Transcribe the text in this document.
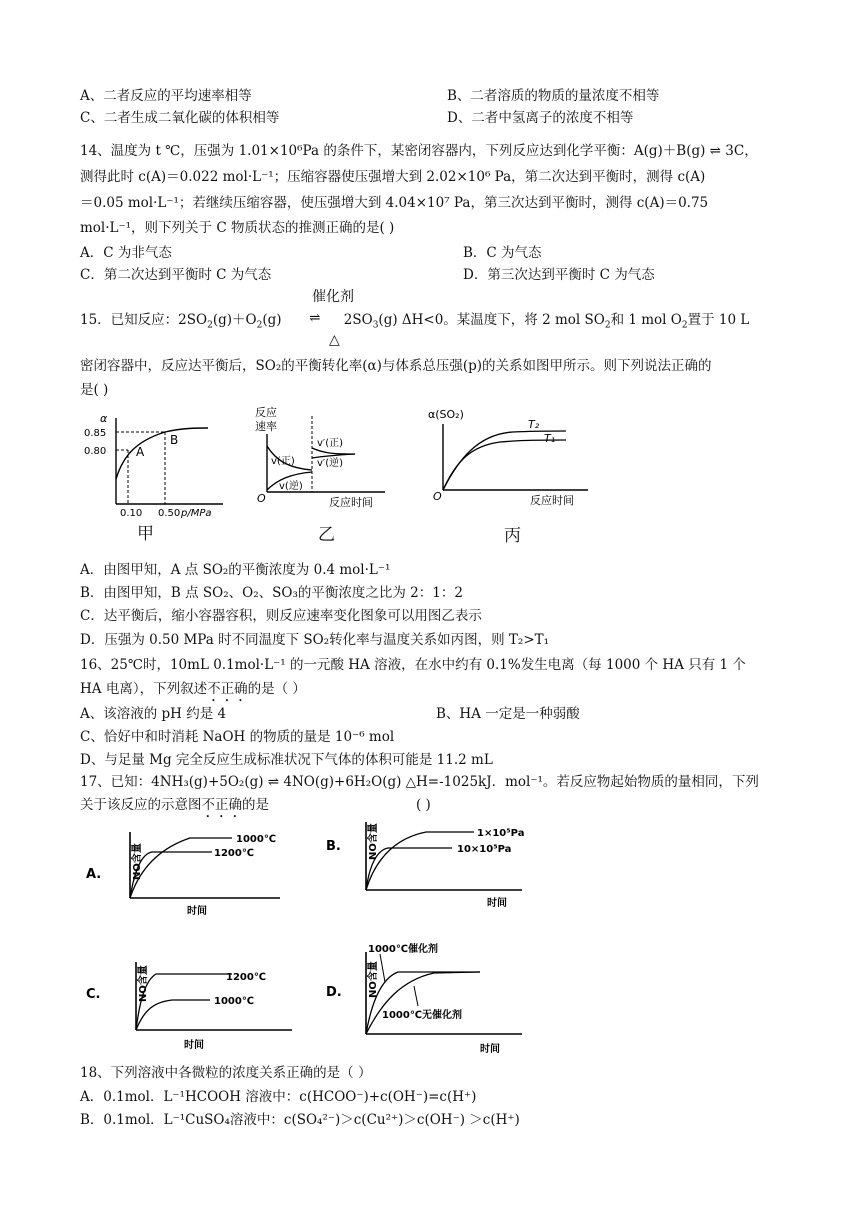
A、二者反应的平均速率相等	B、二者溶质的物质的量浓度不相等
C、二者生成二氧化碳的体积相等	D、二者中氢离子的浓度不相等
14、温度为 t ℃，压强为 1.01×10⁶Pa 的条件下，某密闭容器内，下列反应达到化学平衡：A(g)＋B(g) ⇌ 3C，
测得此时 c(A)＝0.022 mol·L⁻¹；压缩容器使压强增大到 2.02×10⁶ Pa，第二次达到平衡时，测得 c(A)
＝0.05 mol·L⁻¹；若继续压缩容器，使压强增大到 4.04×10⁷ Pa，第三次达到平衡时，测得 c(A)＝0.75
mol·L⁻¹，则下列关于 C 物质状态的推测正确的是( )
A．C 为非气态	B．C 为气态
C．第二次达到平衡时 C 为气态	D．第三次达到平衡时 C 为气态
催化剂
15．已知反应：$2SO_2(g)+O_2(g)$ ⇌ $2SO_3(g)$ ΔH<0。某温度下，将 2 mol $SO_2$和 1 mol $O_2$置于 10 L
△
密闭容器中，反应达平衡后，SO₂的平衡转化率(α)与体系总压强(p)的关系如图甲所示。则下列说法正确的
是( )
α
0.85
0.80 A
B
0.10 0.50 p/MPa
甲
反应
速率
v(正)
v(逆)
v′(正)
v′(逆)
O	反应时间
乙
α(SO₂)
T₂
T₁
O	反应时间
丙
A．由图甲知，A 点 SO₂的平衡浓度为 0.4 mol·L⁻¹
B．由图甲知，B 点 SO₂、O₂、SO₃的平衡浓度之比为 2：1：2
C．达平衡后，缩小容器容积，则反应速率变化图象可以用图乙表示
D．压强为 0.50 MPa 时不同温度下 SO₂转化率与温度关系如丙图，则 T₂>T₁
16、25℃时，10mL 0.1mol·L⁻¹ 的一元酸 HA 溶液，在水中约有 0.1%发生电离（每 1000 个 HA 只有 1 个
HA 电离），下列叙述不正确的是（ ）
A、该溶液的 pH 约是 4	B、HA 一定是一种弱酸
C、恰好中和时消耗 NaOH 的物质的量是 10⁻⁶ mol
D、与足量 Mg 完全反应生成标准状况下气体的体积可能是 11.2 mL
17、已知：4NH₃(g)+5O₂(g) ⇌ 4NO(g)+6H₂O(g) △H=-1025kJ．mol⁻¹。若反应物起始物质的量相同，下列
关于该反应的示意图不正确的是	( )
A.	NO含量
1000℃
1200℃
时间
B.	NO含量	1×10⁵Pa
10×10⁵Pa
时间
C.	NO含量	1200℃
1000℃
时间
D.	NO含量
1000℃催化剂
1000℃无催化剂
时间
18、下列溶液中各微粒的浓度关系正确的是（ ）
A．0.1mol．L⁻¹HCOOH 溶液中：c(HCOO⁻)+c(OH⁻)=c(H⁺)
B．0.1mol．L⁻¹CuSO₄溶液中：c(SO₄²⁻)＞c(Cu²⁺)＞c(OH⁻) ＞c(H⁺)
